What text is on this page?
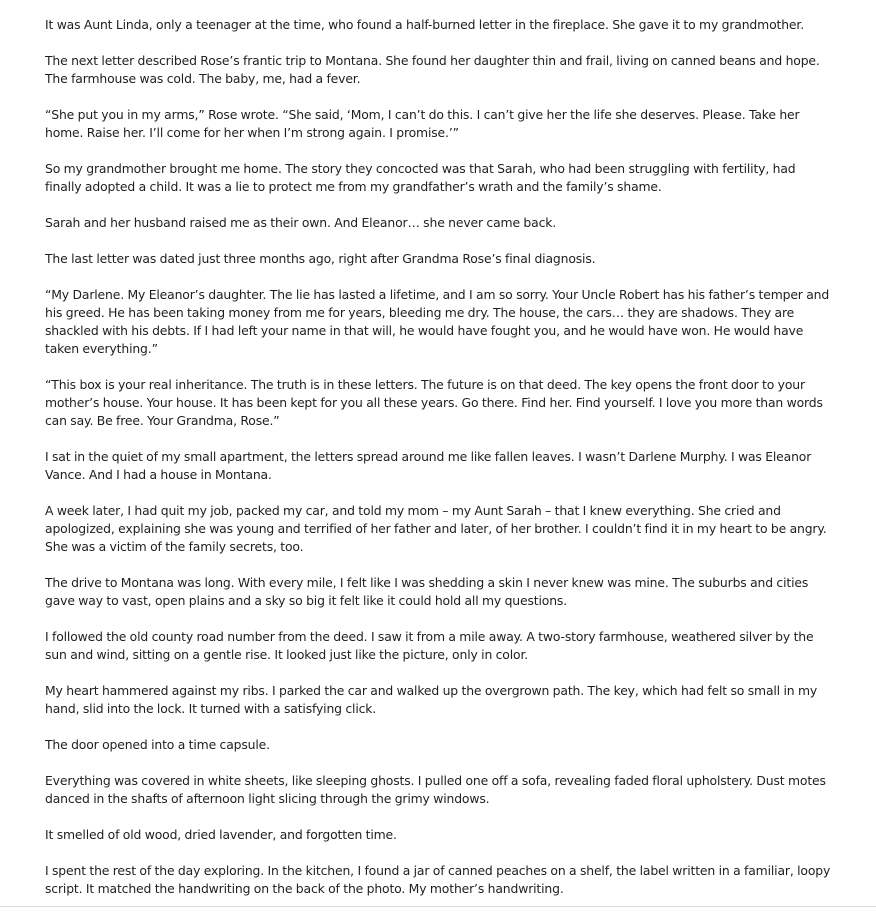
It was Aunt Linda, only a teenager at the time, who found a half-burned letter in the fireplace. She gave it to my grandmother.

The next letter described Rose’s frantic trip to Montana. She found her daughter thin and frail, living on canned beans and hope. The farmhouse was cold. The baby, me, had a fever.

“She put you in my arms,” Rose wrote. “She said, ‘Mom, I can’t do this. I can’t give her the life she deserves. Please. Take her home. Raise her. I’ll come for her when I’m strong again. I promise.’”

So my grandmother brought me home. The story they concocted was that Sarah, who had been struggling with fertility, had finally adopted a child. It was a lie to protect me from my grandfather’s wrath and the family’s shame.

Sarah and her husband raised me as their own. And Eleanor… she never came back.

The last letter was dated just three months ago, right after Grandma Rose’s final diagnosis.

“My Darlene. My Eleanor’s daughter. The lie has lasted a lifetime, and I am so sorry. Your Uncle Robert has his father’s temper and his greed. He has been taking money from me for years, bleeding me dry. The house, the cars… they are shadows. They are shackled with his debts. If I had left your name in that will, he would have fought you, and he would have won. He would have taken everything.”

“This box is your real inheritance. The truth is in these letters. The future is on that deed. The key opens the front door to your mother’s house. Your house. It has been kept for you all these years. Go there. Find her. Find yourself. I love you more than words can say. Be free. Your Grandma, Rose.”

I sat in the quiet of my small apartment, the letters spread around me like fallen leaves. I wasn’t Darlene Murphy. I was Eleanor Vance. And I had a house in Montana.

A week later, I had quit my job, packed my car, and told my mom – my Aunt Sarah – that I knew everything. She cried and apologized, explaining she was young and terrified of her father and later, of her brother. I couldn’t find it in my heart to be angry. She was a victim of the family secrets, too.

The drive to Montana was long. With every mile, I felt like I was shedding a skin I never knew was mine. The suburbs and cities gave way to vast, open plains and a sky so big it felt like it could hold all my questions.

I followed the old county road number from the deed. I saw it from a mile away. A two-story farmhouse, weathered silver by the sun and wind, sitting on a gentle rise. It looked just like the picture, only in color.

My heart hammered against my ribs. I parked the car and walked up the overgrown path. The key, which had felt so small in my hand, slid into the lock. It turned with a satisfying click.

The door opened into a time capsule.

Everything was covered in white sheets, like sleeping ghosts. I pulled one off a sofa, revealing faded floral upholstery. Dust motes danced in the shafts of afternoon light slicing through the grimy windows.

It smelled of old wood, dried lavender, and forgotten time.

I spent the rest of the day exploring. In the kitchen, I found a jar of canned peaches on a shelf, the label written in a familiar, loopy script. It matched the handwriting on the back of the photo. My mother’s handwriting.
